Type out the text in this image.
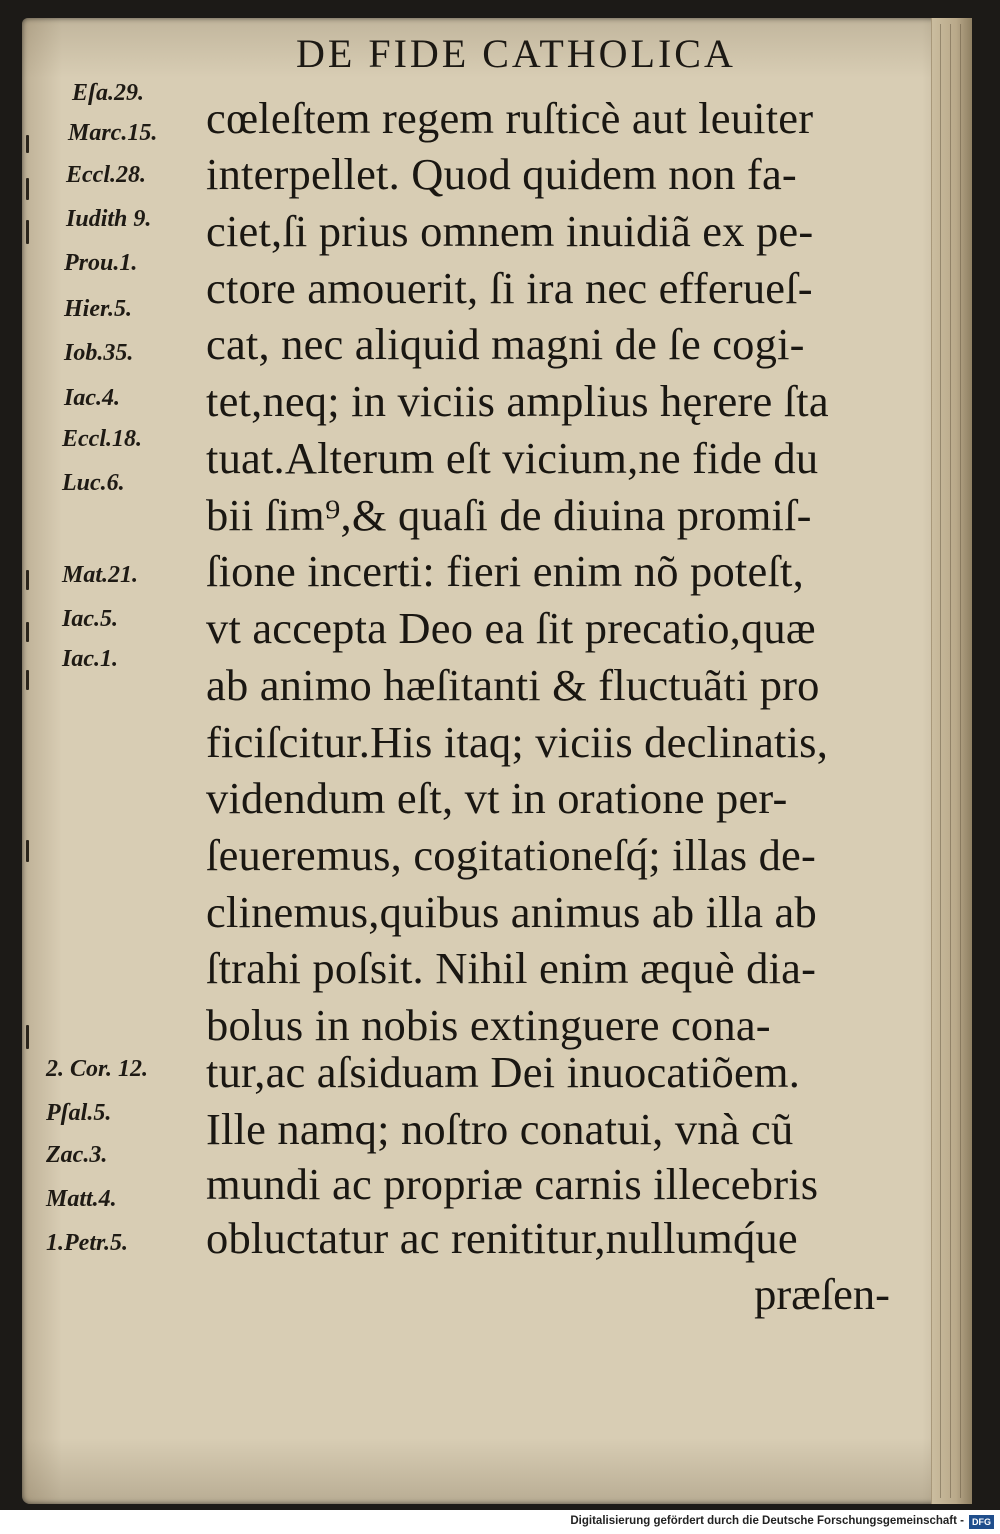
DE FIDE CATHOLICA
Eſa.29.
Marc.15.
Eccl.28.
Iudith 9.
Prou.1.
Hier.5.
Iob.35.
Iac.4.
Eccl.18.
Luc.6.
Mat.21.
Iac.5.
Iac.1.
2. Cor. 12.
Pſal.5.
Zac.3.
Matt.4.
1.Petr.5.
cœleſtem regem ruſticè aut leuiter
interpellet. Quod quidem non fa-
ciet,ſi prius omnem inuidiã ex pe-
ctore amouerit, ſi ira nec efferueſ-
cat, nec aliquid magni de ſe cogi-
tet,neq; in viciis amplius hęrere ſta
tuat.Alterum eſt vicium,ne fide du
bii ſim⁹,& quaſi de diuina promiſ-
ſione incerti: fieri enim nõ poteſt,
vt accepta Deo ea ſit precatio,quæ
ab animo hæſitanti & fluctuãti pro
ficiſcitur.His itaq; viciis declinatis,
videndum eſt, vt in oratione per-
ſeueremus, cogitationeſq́; illas de-
clinemus,quibus animus ab illa ab
ſtrahi poſsit. Nihil enim æquè dia-
bolus in nobis extinguere cona-
tur,ac aſsiduam Dei inuocatiõem.
Ille namq; noſtro conatui, vnà cũ
mundi ac propriæ carnis illecebris
obluctatur ac renititur,nullumq́ue
præſen-
Digitalisierung gefördert durch die Deutsche Forschungsgemeinschaft - DFG
